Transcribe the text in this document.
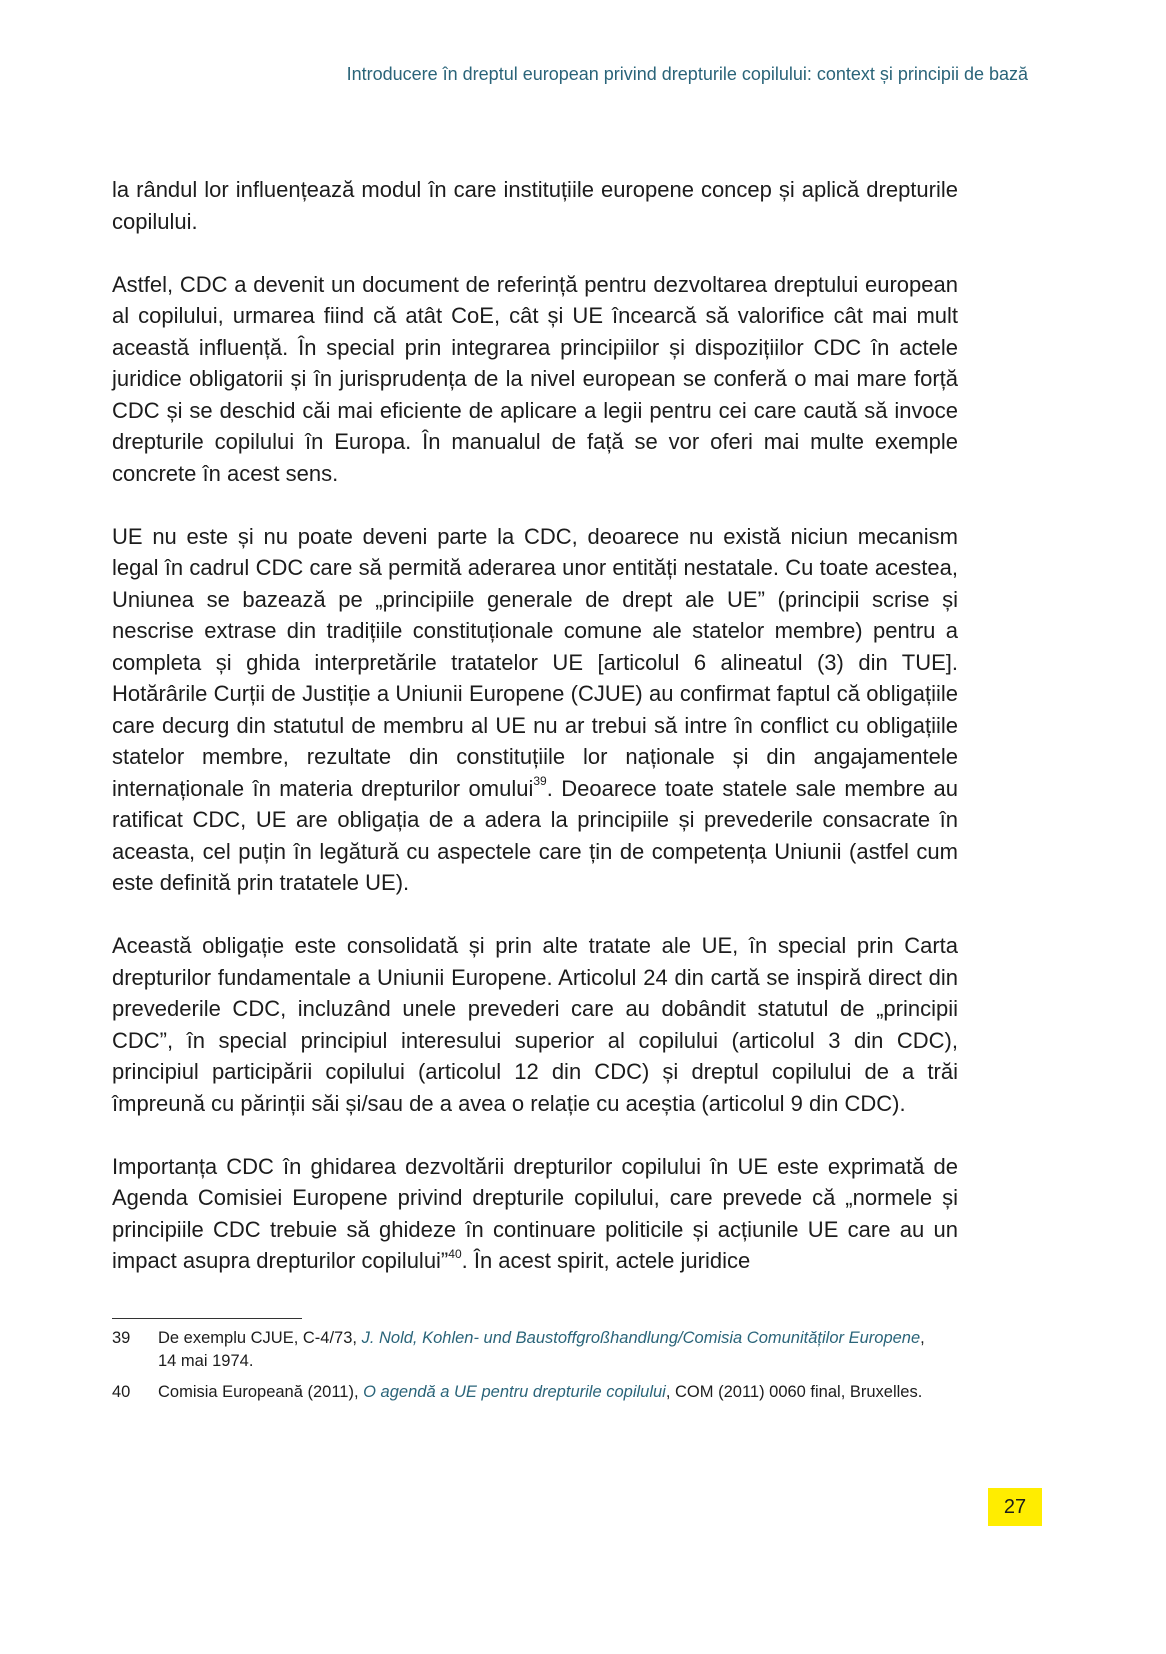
Introducere în dreptul european privind drepturile copilului: context și principii de bază

la rândul lor influențează modul în care instituțiile europene concep și aplică drepturile copilului.

Astfel, CDC a devenit un document de referință pentru dezvoltarea dreptului european al copilului, urmarea fiind că atât CoE, cât și UE încearcă să valorifice cât mai mult această influență. În special prin integrarea principiilor și dispozițiilor CDC în actele juridice obligatorii și în jurisprudența de la nivel european se conferă o mai mare forță CDC și se deschid căi mai eficiente de aplicare a legii pentru cei care caută să invoce drepturile copilului în Europa. În manualul de față se vor oferi mai multe exemple concrete în acest sens.

UE nu este și nu poate deveni parte la CDC, deoarece nu există niciun mecanism legal în cadrul CDC care să permită aderarea unor entități nestatale. Cu toate acestea, Uniunea se bazează pe „principiile generale de drept ale UE” (principii scrise și nescrise extrase din tradițiile constituționale comune ale statelor membre) pentru a completa și ghida interpretările tratatelor UE [articolul 6 alineatul (3) din TUE]. Hotărârile Curții de Justiție a Uniunii Europene (CJUE) au confirmat faptul că obligațiile care decurg din statutul de membru al UE nu ar trebui să intre în conflict cu obligațiile statelor membre, rezultate din constituțiile lor naționale și din angajamentele internaționale în materia drepturilor omului$^{39}$. Deoarece toate statele sale membre au ratificat CDC, UE are obligația de a adera la principiile și prevederile consacrate în aceasta, cel puțin în legătură cu aspectele care țin de competența Uniunii (astfel cum este definită prin tratatele UE).

Această obligație este consolidată și prin alte tratate ale UE, în special prin Carta drepturilor fundamentale a Uniunii Europene. Articolul 24 din cartă se inspiră direct din prevederile CDC, incluzând unele prevederi care au dobândit statutul de „principii CDC”, în special principiul interesului superior al copilului (articolul 3 din CDC), principiul participării copilului (articolul 12 din CDC) și dreptul copilului de a trăi împreună cu părinții săi și/sau de a avea o relație cu aceștia (articolul 9 din CDC).

Importanța CDC în ghidarea dezvoltării drepturilor copilului în UE este exprimată de Agenda Comisiei Europene privind drepturile copilului, care prevede că „normele și principiile CDC trebuie să ghideze în continuare politicile și acțiunile UE care au un impact asupra drepturilor copilului”$^{40}$. În acest spirit, actele juridice

39	De exemplu CJUE, C-4/73, J. Nold, Kohlen- und Baustoffgroßhandlung/Comisia Comunităților Europene, 14 mai 1974.
40	Comisia Europeană (2011), O agendă a UE pentru drepturile copilului, COM (2011) 0060 final, Bruxelles.
27
